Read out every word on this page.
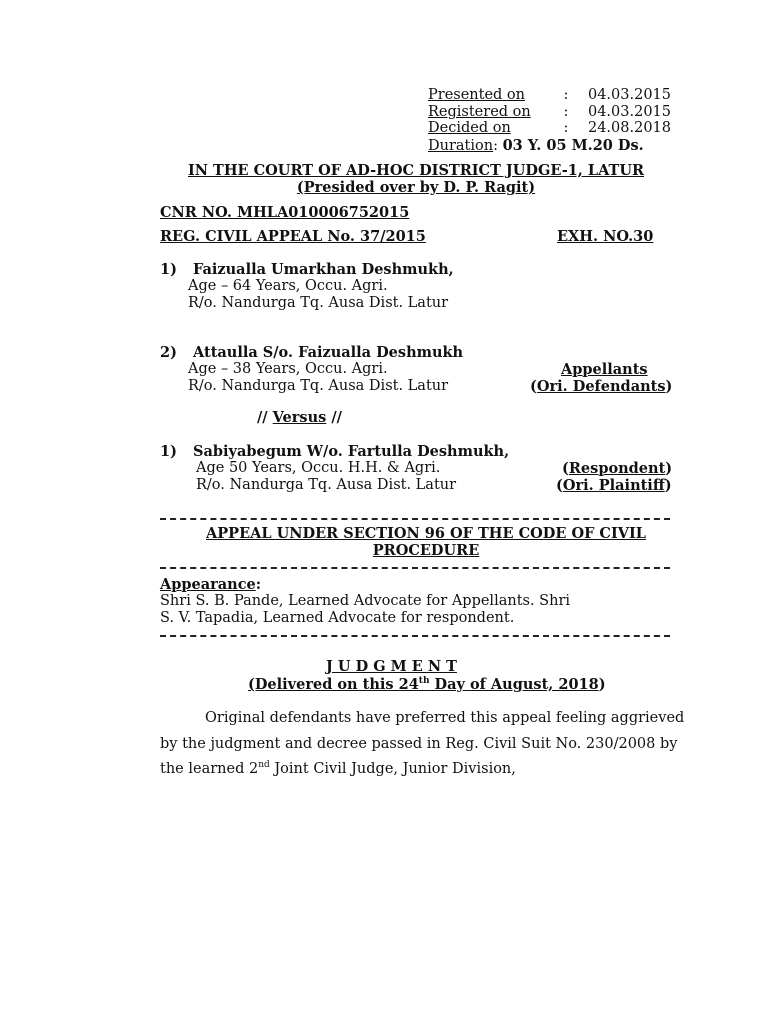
Presented on	:	04.03.2015
Registered on	:	04.03.2015
Decided on	:	24.08.2018
Duration: 03 Y. 05 M.20 Ds.
IN THE COURT OF AD-HOC DISTRICT JUDGE-1, LATUR
(Presided over by D. P. Ragit)
CNR NO. MHLA010006752015
REG. CIVIL APPEAL No. 37/2015	EXH. NO.30
1) Faizualla Umarkhan Deshmukh,
Age – 64 Years, Occu. Agri.
R/o. Nandurga Tq. Ausa Dist. Latur
2) Attaulla S/o. Faizualla Deshmukh
Age – 38 Years, Occu. Agri.
R/o. Nandurga Tq. Ausa Dist. Latur
Appellants
(Ori. Defendants)
// Versus //
1) Sabiyabegum W/o. Fartulla Deshmukh,
Age 50 Years, Occu. H.H. & Agri.
R/o. Nandurga Tq. Ausa Dist. Latur
(Respondent)
(Ori. Plaintiff)
APPEAL UNDER SECTION 96 OF THE CODE OF CIVIL
PROCEDURE
Appearance:
Shri S. B. Pande, Learned Advocate for Appellants. Shri
S. V. Tapadia, Learned Advocate for respondent.
J U D G M E N T
(Delivered on this 24th Day of August, 2018)
Original defendants have preferred this appeal feeling aggrieved
by the judgment and decree passed in Reg. Civil Suit No. 230/2008 by
the learned 2nd Joint Civil Judge, Junior Division,
